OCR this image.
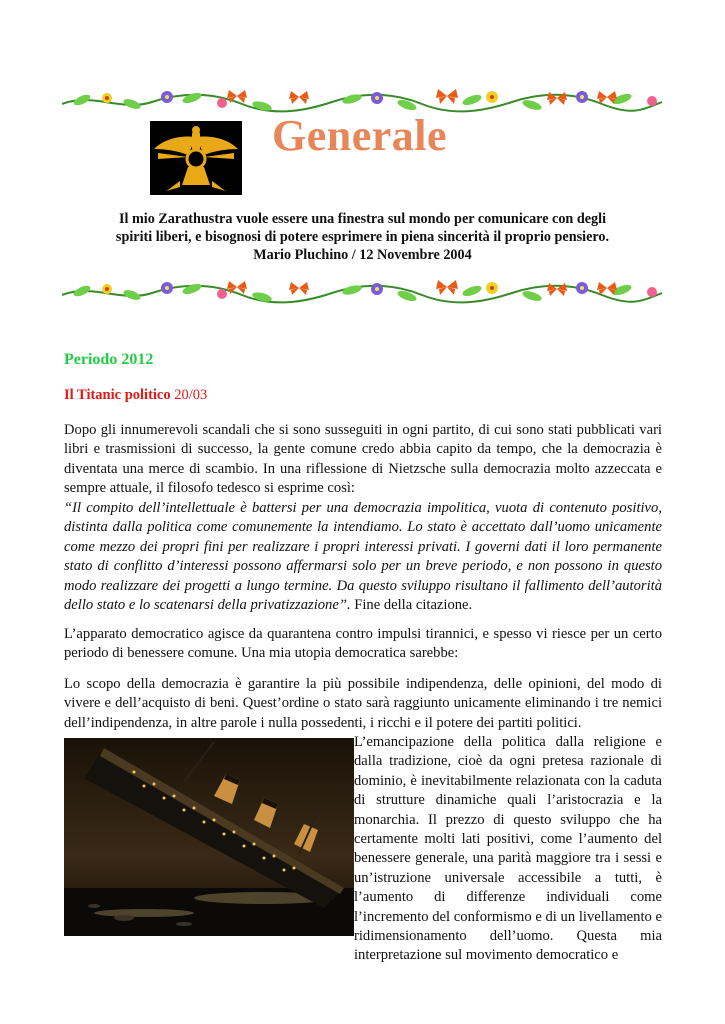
Generale
Il mio Zarathustra vuole essere una finestra sul mondo per comunicare con degli spiriti liberi, e bisognosi di potere esprimere in piena sincerità il proprio pensiero. Mario Pluchino / 12 Novembre 2004
Periodo 2012
Il Titanic politico 20/03
Dopo gli innumerevoli scandali che si sono susseguiti in ogni partito, di cui sono stati pubblicati vari libri e trasmissioni di successo, la gente comune credo abbia capito da tempo, che la democrazia è diventata una merce di scambio. In una riflessione di Nietzsche sulla democrazia molto azzeccata e sempre attuale, il filosofo tedesco si esprime così:
“Il compito dell’intellettuale è battersi per una democrazia impolitica, vuota di contenuto positivo, distinta dalla politica come comunemente la intendiamo. Lo stato è accettato dall’uomo unicamente come mezzo dei propri fini per realizzare i propri interessi privati. I governi dati il loro permanente stato di conflitto d’interessi possono affermarsi solo per un breve periodo, e non possono in questo modo realizzare dei progetti a lungo termine. Da questo sviluppo risultano il fallimento dell’autorità dello stato e lo scatenarsi della privatizzazione”. Fine della citazione.
L’apparato democratico agisce da quarantena contro impulsi tirannici, e spesso vi riesce per un certo periodo di benessere comune. Una mia utopia democratica sarebbe:
Lo scopo della democrazia è garantire la più possibile indipendenza, delle opinioni, del modo di vivere e dell’acquisto di beni. Quest’ordine o stato sarà raggiunto unicamente eliminando i tre nemici dell’indipendenza, in altre parole i nulla possedenti, i ricchi e il potere dei partiti politici.
L’emancipazione della politica dalla religione e dalla tradizione, cioè da ogni pretesa razionale di dominio, è inevitabilmente relazionata con la caduta di strutture dinamiche quali l’aristocrazia e la monarchia. Il prezzo di questo sviluppo che ha certamente molti lati positivi, come l’aumento del benessere generale, una parità maggiore tra i sessi e un’istruzione universale accessibile a tutti, è l’aumento di differenze individuali come l’incremento del conformismo e di un livellamento e ridimensionamento dell’uomo. Questa mia interpretazione sul movimento democratico e
